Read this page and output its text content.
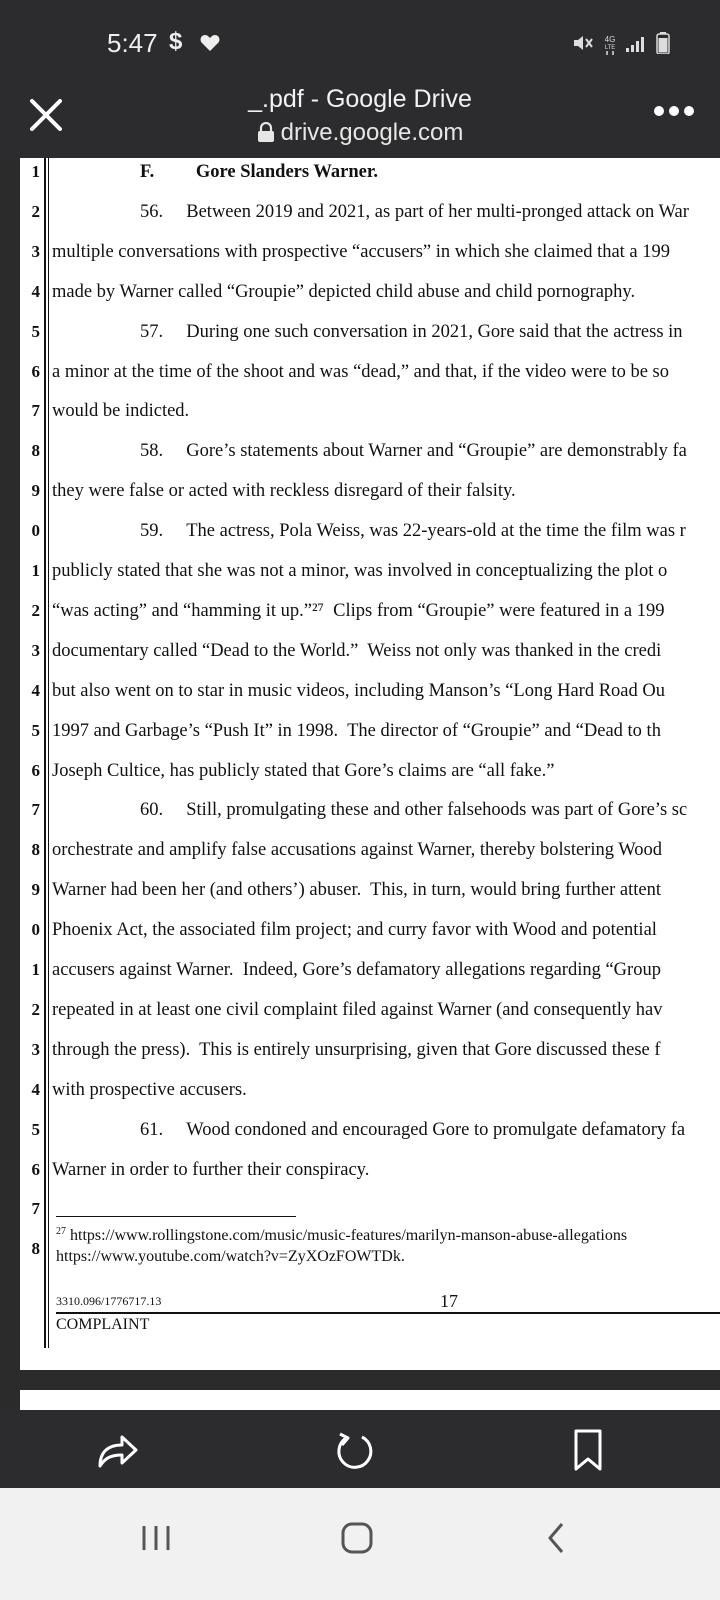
5:47 $	4G
LTE
_.pdf - Google Drive
drive.google.com
1	F.         Gore Slanders Warner.
2	56.     Between 2019 and 2021, as part of her multi-pronged attack on War
3 multiple conversations with prospective “accusers” in which she claimed that a 199
4 made by Warner called “Groupie” depicted child abuse and child pornography.
5	57.     During one such conversation in 2021, Gore said that the actress in
6 a minor at the time of the shoot and was “dead,” and that, if the video were to be so
7 would be indicted.
8	58.     Gore’s statements about Warner and “Groupie” are demonstrably fa
9 they were false or acted with reckless disregard of their falsity.
0	59.     The actress, Pola Weiss, was 22-years-old at the time the film was r
1 publicly stated that she was not a minor, was involved in conceptualizing the plot o
2 “was acting” and “hamming it up.”²⁷  Clips from “Groupie” were featured in a 199
3 documentary called “Dead to the World.”  Weiss not only was thanked in the credi
4 but also went on to star in music videos, including Manson’s “Long Hard Road Ou
5 1997 and Garbage’s “Push It” in 1998.  The director of “Groupie” and “Dead to th
6 Joseph Cultice, has publicly stated that Gore’s claims are “all fake.”
7	60.     Still, promulgating these and other falsehoods was part of Gore’s sc
8 orchestrate and amplify false accusations against Warner, thereby bolstering Wood
9 Warner had been her (and others’) abuser.  This, in turn, would bring further attent
0 Phoenix Act, the associated film project; and curry favor with Wood and potential
1 accusers against Warner.  Indeed, Gore’s defamatory allegations regarding “Group
2 repeated in at least one civil complaint filed against Warner (and consequently hav
3 through the press).  This is entirely unsurprising, given that Gore discussed these f
4 with prospective accusers.
5	61.     Wood condoned and encouraged Gore to promulgate defamatory fa
6 Warner in order to further their conspiracy.
7
8
$^{27}$ https://www.rollingstone.com/music/music-features/marilyn-manson-abuse-allegations
https://www.youtube.com/watch?v=ZyXOzFOWTDk.
3310.096/1776717.13	17
COMPLAINT
